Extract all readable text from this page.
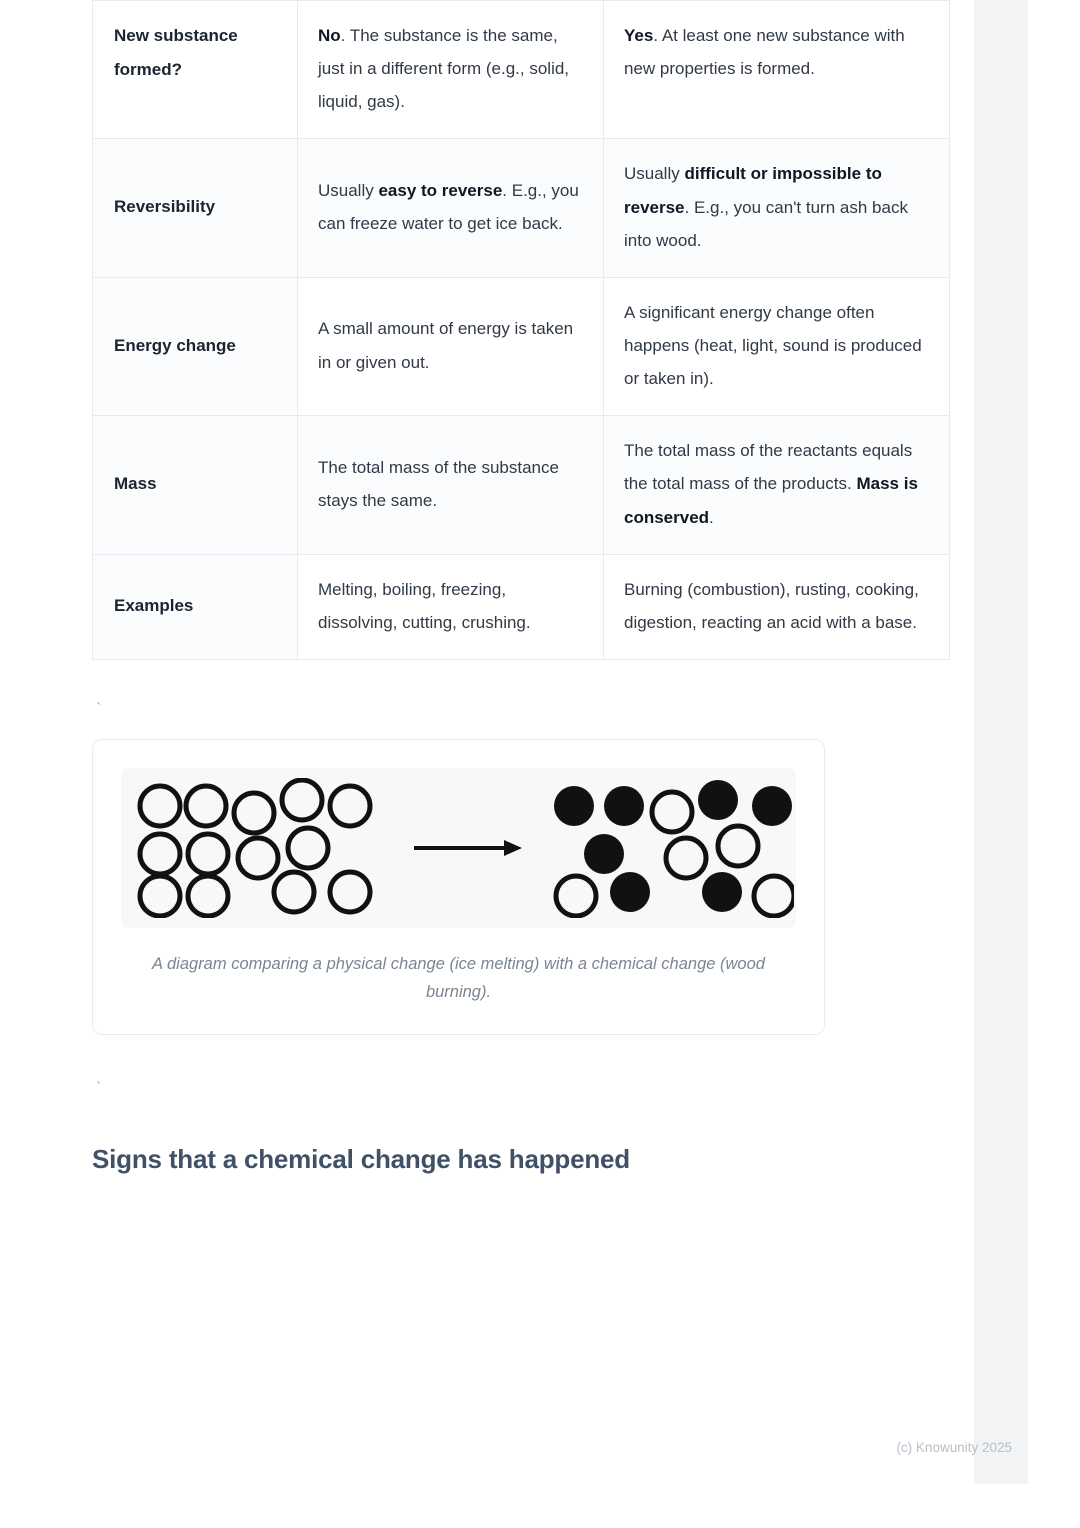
New substance formed?	No. The substance is the same, just in a different form (e.g., solid, liquid, gas).	Yes. At least one new substance with new properties is formed.
Reversibility	Usually easy to reverse. E.g., you can freeze water to get ice back.	Usually difficult or impossible to reverse. E.g., you can't turn ash back into wood.
Energy change	A small amount of energy is taken in or given out.	A significant energy change often happens (heat, light, sound is produced or taken in).
Mass	The total mass of the substance stays the same.	The total mass of the reactants equals the total mass of the products. Mass is conserved.
Examples	Melting, boiling, freezing, dissolving, cutting, crushing.	Burning (combustion), rusting, cooking, digestion, reacting an acid with a base.
`
A diagram comparing a physical change (ice melting) with a chemical change (wood burning).
`
Signs that a chemical change has happened
(c) Knowunity 2025
